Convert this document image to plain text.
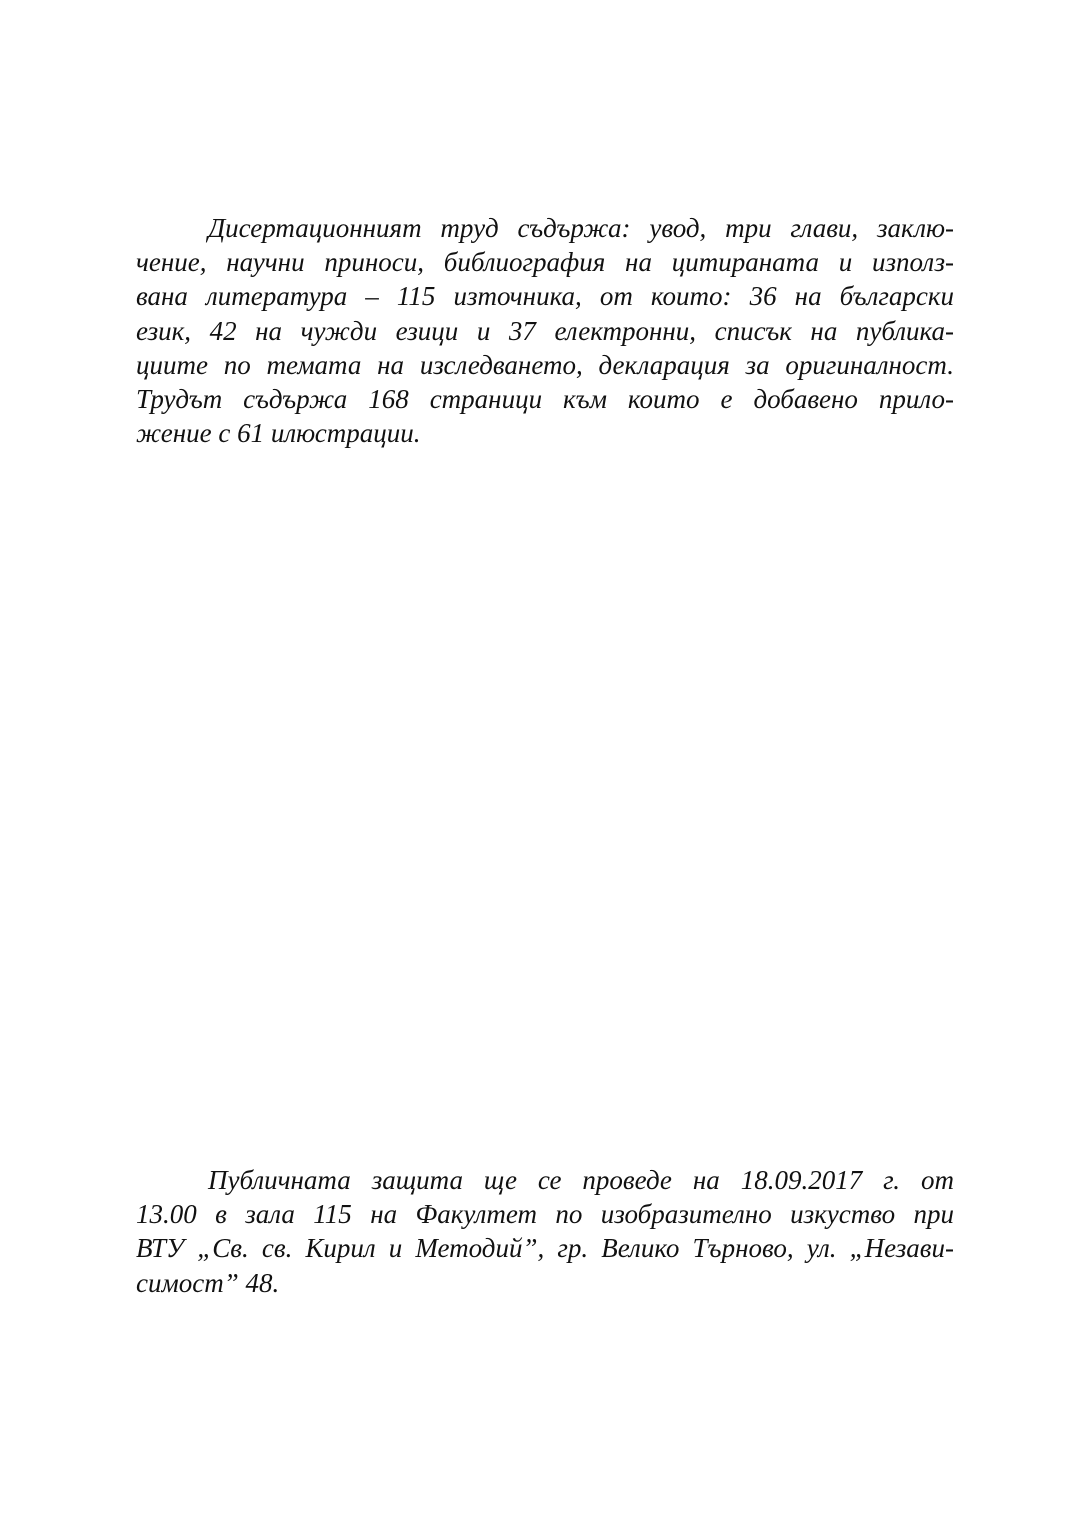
Дисертационният труд съдържа: увод, три глави, заклю-
чение, научни приноси, библиография на цитираната и използ-
вана литература – 115 източника, от които: 36 на български
език, 42 на чужди езици и 37 електронни, списък на публика-
циите по темата на изследването, декларация за оригиналност.
Трудът съдържа 168 страници към които е добавено прило-
жение с 61 илюстрации.

Публичната защита ще се проведе на 18.09.2017 г. от
13.00 в зала 115 на Факултет по изобразително изкуство при
ВТУ „Св. св. Кирил и Методий”, гр. Велико Търново, ул. „Незави-
симост” 48.
